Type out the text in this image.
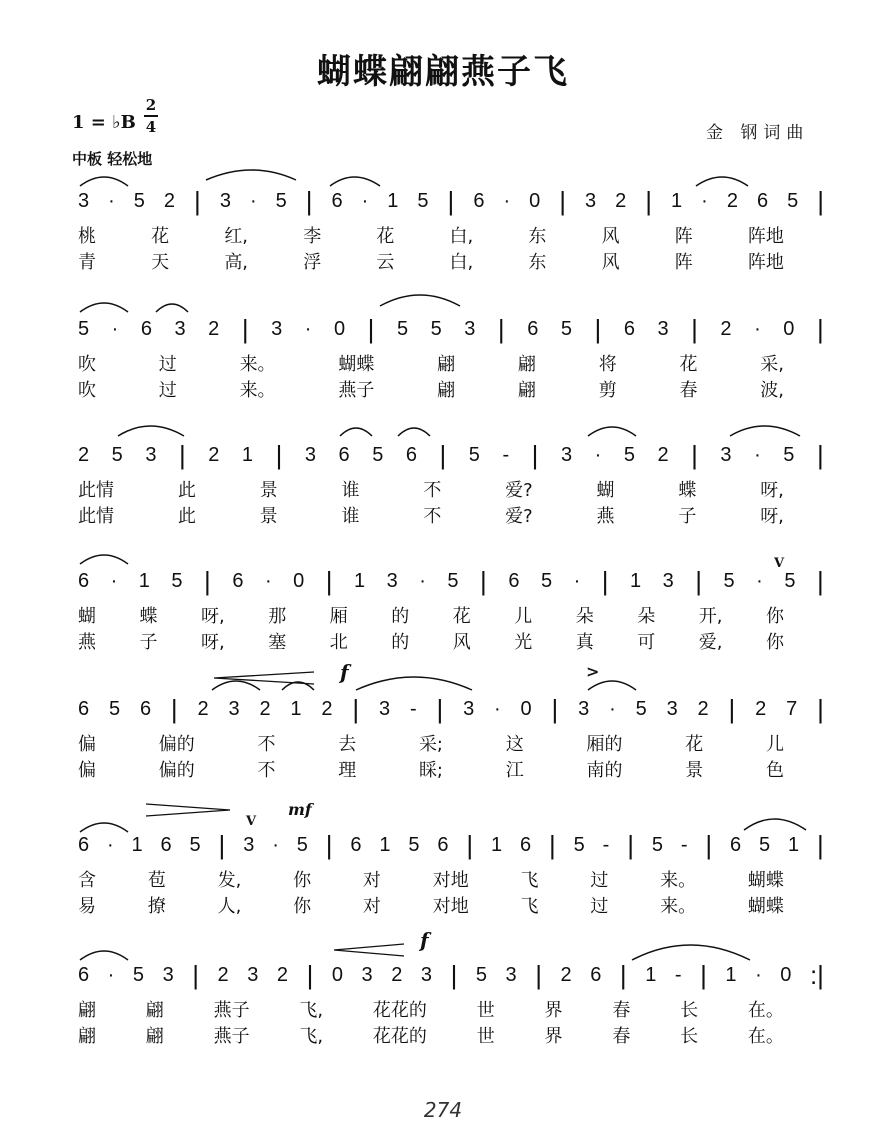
蝴蝶翩翩燕子飞
1 = ♭B
2
4	金 钢词曲
中板 轻松地
3 · 5 2 | 3 · 5 | 6 · 1 5 | 6 · 0 | 3 2 | 1 · 2 6 5 |
桃	花	红,	李	花	白,	东	风	阵	阵地
青	天	高,	浮	云	白,	东	风	阵	阵地
5 · 6 3 2 | 3 · 0 | 5 5 3 | 6 5 | 6 3 | 2 · 0 |
吹	过	来。	蝴蝶	翩	翩	将	花	采,
吹	过	来。	燕子	翩	翩	剪	春	波,
2 5 3 | 2 1 | 3 6 5 6 | 5 - | 3 · 5 2 | 3 · 5 |
此情	此	景	谁	不	爱?	蝴	蝶	呀,
此情	此	景	谁	不	爱?	燕	子	呀,
6 · 1 5 | 6 · 0 | 1 3 · 5 | 6 5 · | 1 3 | 5 · 5 |
蝴 蝶 呀, 那 厢 的 花 儿 朵 朵 开, 你
燕 子 呀, 塞 北 的 风 光 真 可 爱, 你
6 5 6 | 2 3 2 1 2 | 3 - | 3 · 0 | 3 · 5 3 2 | 2 7 |
偏	偏的	不	去	采;	这	厢的	花	儿
偏	偏的	不	理	睬;	江	南的	景	色
6 · 1 6 5 | 3 · 5 | 6 1 5 6 | 1 6 | 5 - | 5 - | 6 5 1 |
含	苞	发,	你	对	对地	飞	过	来。	蝴蝶
易	撩	人,	你	对	对地	飞	过	来。	蝴蝶
6 · 5 3 | 2 3 2 | 0 3 2 3 | 5 3 | 2 6 | 1 - | 1 · 0 :|
翩	翩	燕子	飞,	花花的	世	界	春	长	在。
翩	翩	燕子	飞,	花花的	世	界	春	长	在。
f
mf
f
>
V
V
274
